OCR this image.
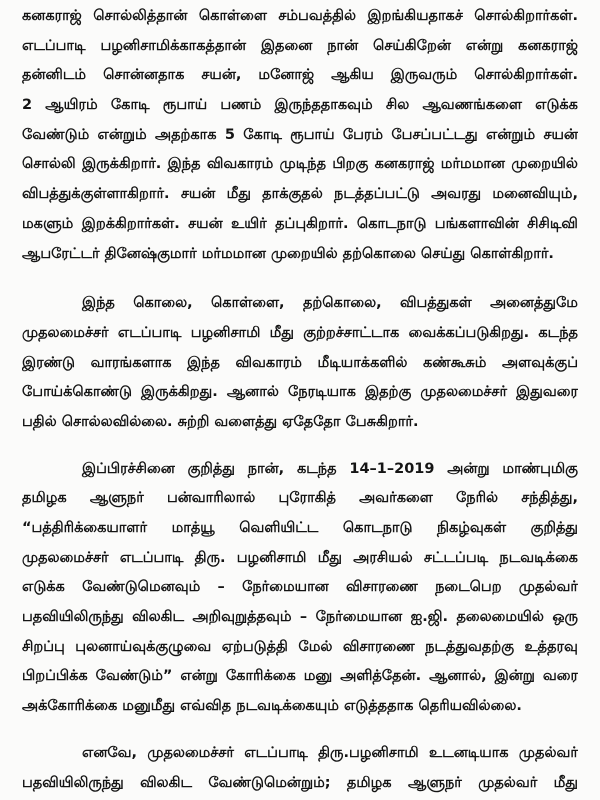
கனகராஜ் சொல்லித்தான் கொள்ளை சம்பவத்தில் இறங்கியதாகச் சொல்கிறார்கள்.
எடப்பாடி பழனிசாமிக்காகத்தான் இதனை நான் செய்கிறேன் என்று கனகராஜ்
தன்னிடம் சொன்னதாக சயன், மனோஜ் ஆகிய இருவரும் சொல்கிறார்கள்.
2 ஆயிரம் கோடி ரூபாய் பணம் இருந்ததாகவும் சில ஆவணங்களை எடுக்க
வேண்டும் என்றும் அதற்காக 5 கோடி ரூபாய் பேரம் பேசப்பட்டது என்றும் சயன்
சொல்லி இருக்கிறார். இந்த விவகாரம் முடிந்த பிறகு கனகராஜ் மர்மமான முறையில்
விபத்துக்குள்ளாகிறார். சயன் மீது தாக்குதல் நடத்தப்பட்டு அவரது மனைவியும்,
மகளும் இறக்கிறார்கள். சயன் உயிர் தப்புகிறார். கொடநாடு பங்களாவின் சிசிடிவி
ஆபரேட்டர் தினேஷ்குமார் மர்மமான முறையில் தற்கொலை செய்து கொள்கிறார்.
இந்த கொலை, கொள்ளை, தற்கொலை, விபத்துகள் அனைத்துமே
முதலமைச்சர் எடப்பாடி பழனிசாமி மீது குற்றச்சாட்டாக வைக்கப்படுகிறது. கடந்த
இரண்டு வாரங்களாக இந்த விவகாரம் மீடியாக்களில் கண்கூசும் அளவுக்குப்
போய்க்கொண்டு இருக்கிறது. ஆனால் நேரடியாக இதற்கு முதலமைச்சர் இதுவரை
பதில் சொல்லவில்லை. சுற்றி வளைத்து ஏதேதோ பேசுகிறார்.
இப்பிரச்சினை குறித்து நான், கடந்த 14–1–2019 அன்று மாண்புமிகு
தமிழக ஆளுநர் பன்வாரிலால் புரோகித் அவர்களை நேரில் சந்தித்து,
“பத்திரிக்கையாளர் மாத்யூ வெளியிட்ட கொடநாடு நிகழ்வுகள் குறித்து
முதலமைச்சர் எடப்பாடி திரு. பழனிசாமி மீது அரசியல் சட்டப்படி நடவடிக்கை
எடுக்க வேண்டுமெனவும் – நேர்மையான விசாரணை நடைபெற முதல்வர்
பதவியிலிருந்து விலகிட அறிவுறுத்தவும் – நேர்மையான ஐ.ஜி. தலைமையில் ஒரு
சிறப்பு புலனாய்வுக்குழுவை ஏற்படுத்தி மேல் விசாரணை நடத்துவதற்கு உத்தரவு
பிறப்பிக்க வேண்டும்” என்று கோரிக்கை மனு அளித்தேன். ஆனால், இன்று வரை
அக்கோரிக்கை மனுமீது எவ்வித நடவடிக்கையும் எடுத்ததாக தெரியவில்லை.
எனவே, முதலமைச்சர் எடப்பாடி திரு.பழனிசாமி உடனடியாக முதல்வர்
பதவியிலிருந்து விலகிட வேண்டுமென்றும்; தமிழக ஆளுநர் முதல்வர் மீது
